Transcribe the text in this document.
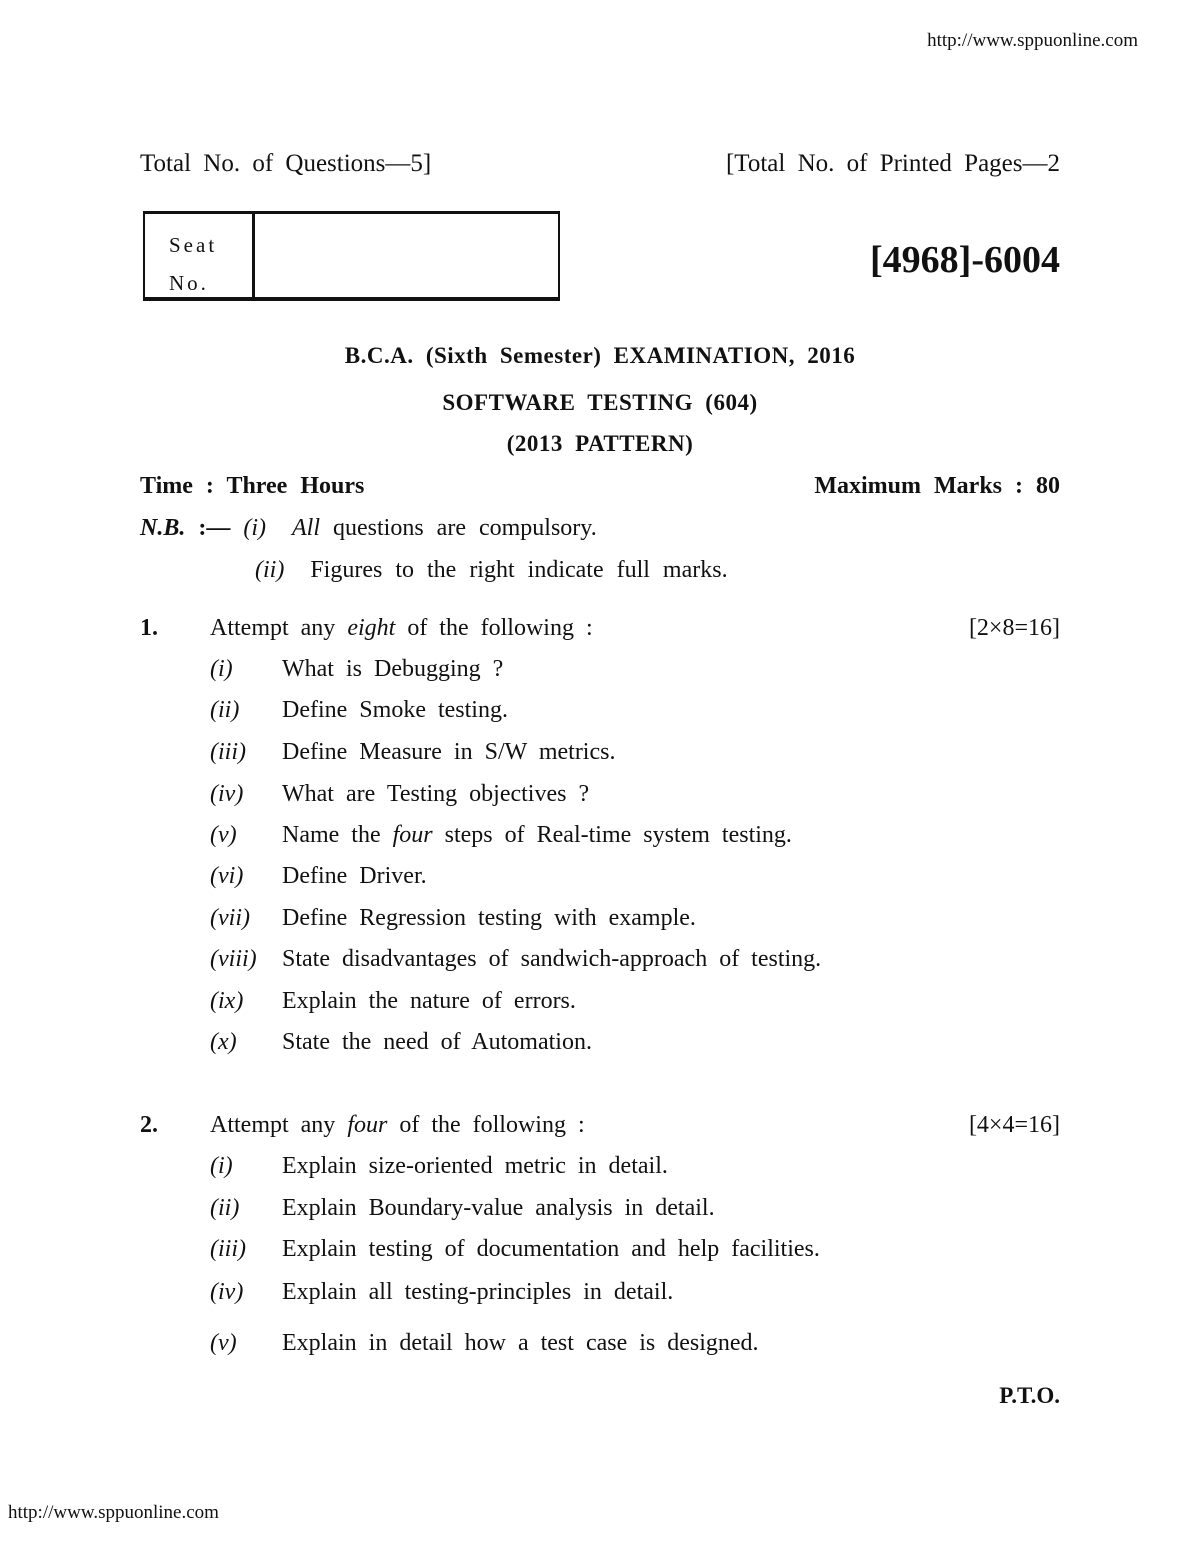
http://www.sppuonline.com
Total No. of Questions—5]	[Total No. of Printed Pages—2
Seat
No.
[4968]-6004
B.C.A. (Sixth Semester) EXAMINATION, 2016
SOFTWARE TESTING (604)
(2013 PATTERN)
Time : Three Hours	Maximum Marks : 80
N.B. :— (i) All questions are compulsory.
(ii) Figures to the right indicate full marks.
1. Attempt any eight of the following :	[2×8=16]
(i) What is Debugging ?
(ii) Define Smoke testing.
(iii) Define Measure in S/W metrics.
(iv) What are Testing objectives ?
(v) Name the four steps of Real-time system testing.
(vi) Define Driver.
(vii) Define Regression testing with example.
(viii) State disadvantages of sandwich-approach of testing.
(ix) Explain the nature of errors.
(x) State the need of Automation.
2. Attempt any four of the following :	[4×4=16]
(i) Explain size-oriented metric in detail.
(ii) Explain Boundary-value analysis in detail.
(iii) Explain testing of documentation and help facilities.
(iv) Explain all testing-principles in detail.
(v) Explain in detail how a test case is designed.
P.T.O.
http://www.sppuonline.com
